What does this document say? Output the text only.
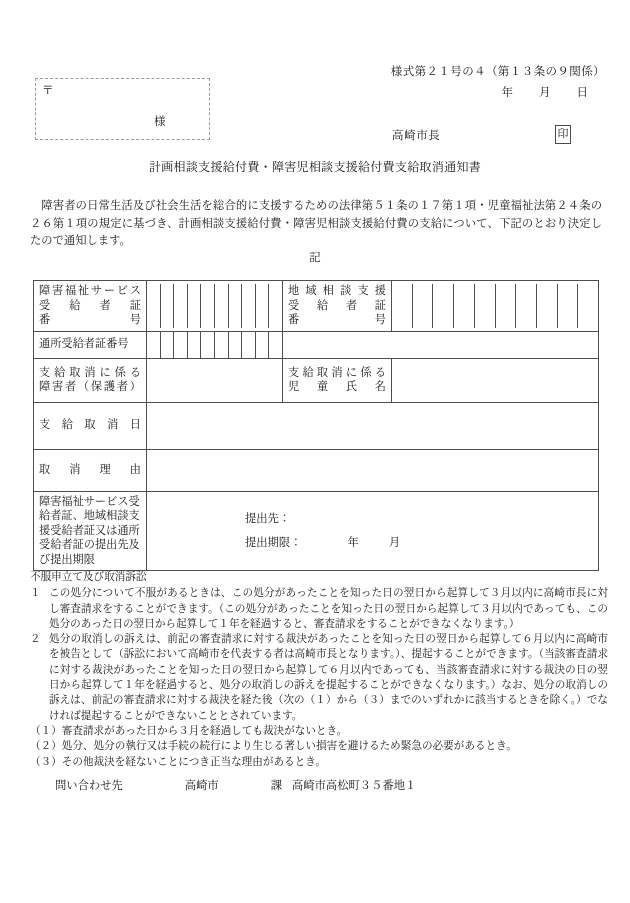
様式第２１号の４（第１３条の９関係）
年 月 日
〒
様
高崎市長	印
計画相談支援給付費・障害児相談支援給付費支給取消通知書

障害者の日常生活及び社会生活を総合的に支援するための法律第５１条の１７第１項・児童福祉法第２４条の２６第１項の規定に基づき、計画相談支援給付費・障害児相談支援給付費の支給について、下記のとおり決定したので通知します。

記
障害福祉サービス
受給者証
番号		地域相談支援
受給者証
番号	

通所受給者証番号			

支給取消に係る
障害者（保護者）		支給取消に係る
児童氏名	

支給取消日			

取消理由			

障害福祉サービス受
給者証、地域相談支
援受給者証又は通所
受給者証の提出先及
び提出期限

提出先：
提出期限：	年	月
不服申立て及び取消訴訟
１ この処分について不服があるときは、この処分があったことを知った日の翌日から起算して３月以内に高崎市長に対し審査請求をすることができます。（この処分があったことを知った日の翌日から起算して３月以内であっても、この処分のあった日の翌日から起算して１年を経過すると、審査請求をすることができなくなります。）
２ 処分の取消しの訴えは、前記の審査請求に対する裁決があったことを知った日の翌日から起算して６月以内に高崎市を被告として（訴訟において高崎市を代表する者は高崎市長となります。）、提起することができます。（当該審査請求に対する裁決があったことを知った日の翌日から起算して６月以内であっても、当該審査請求に対する裁決の日の翌日から起算して１年を経過すると、処分の取消しの訴えを提起することができなくなります。）なお、処分の取消しの訴えは、前記の審査請求に対する裁決を経た後（次の（１）から（３）までのいずれかに該当するときを除く。）でなければ提起することができないこととされています。
（１）審査請求があった日から３月を経過しても裁決がないとき。
（２）処分、処分の執行又は手続の続行により生じる著しい損害を避けるため緊急の必要があるとき。
（３）その他裁決を経ないことにつき正当な理由があるとき。
問い合わせ先	高崎市	課 高崎市高松町３５番地１
